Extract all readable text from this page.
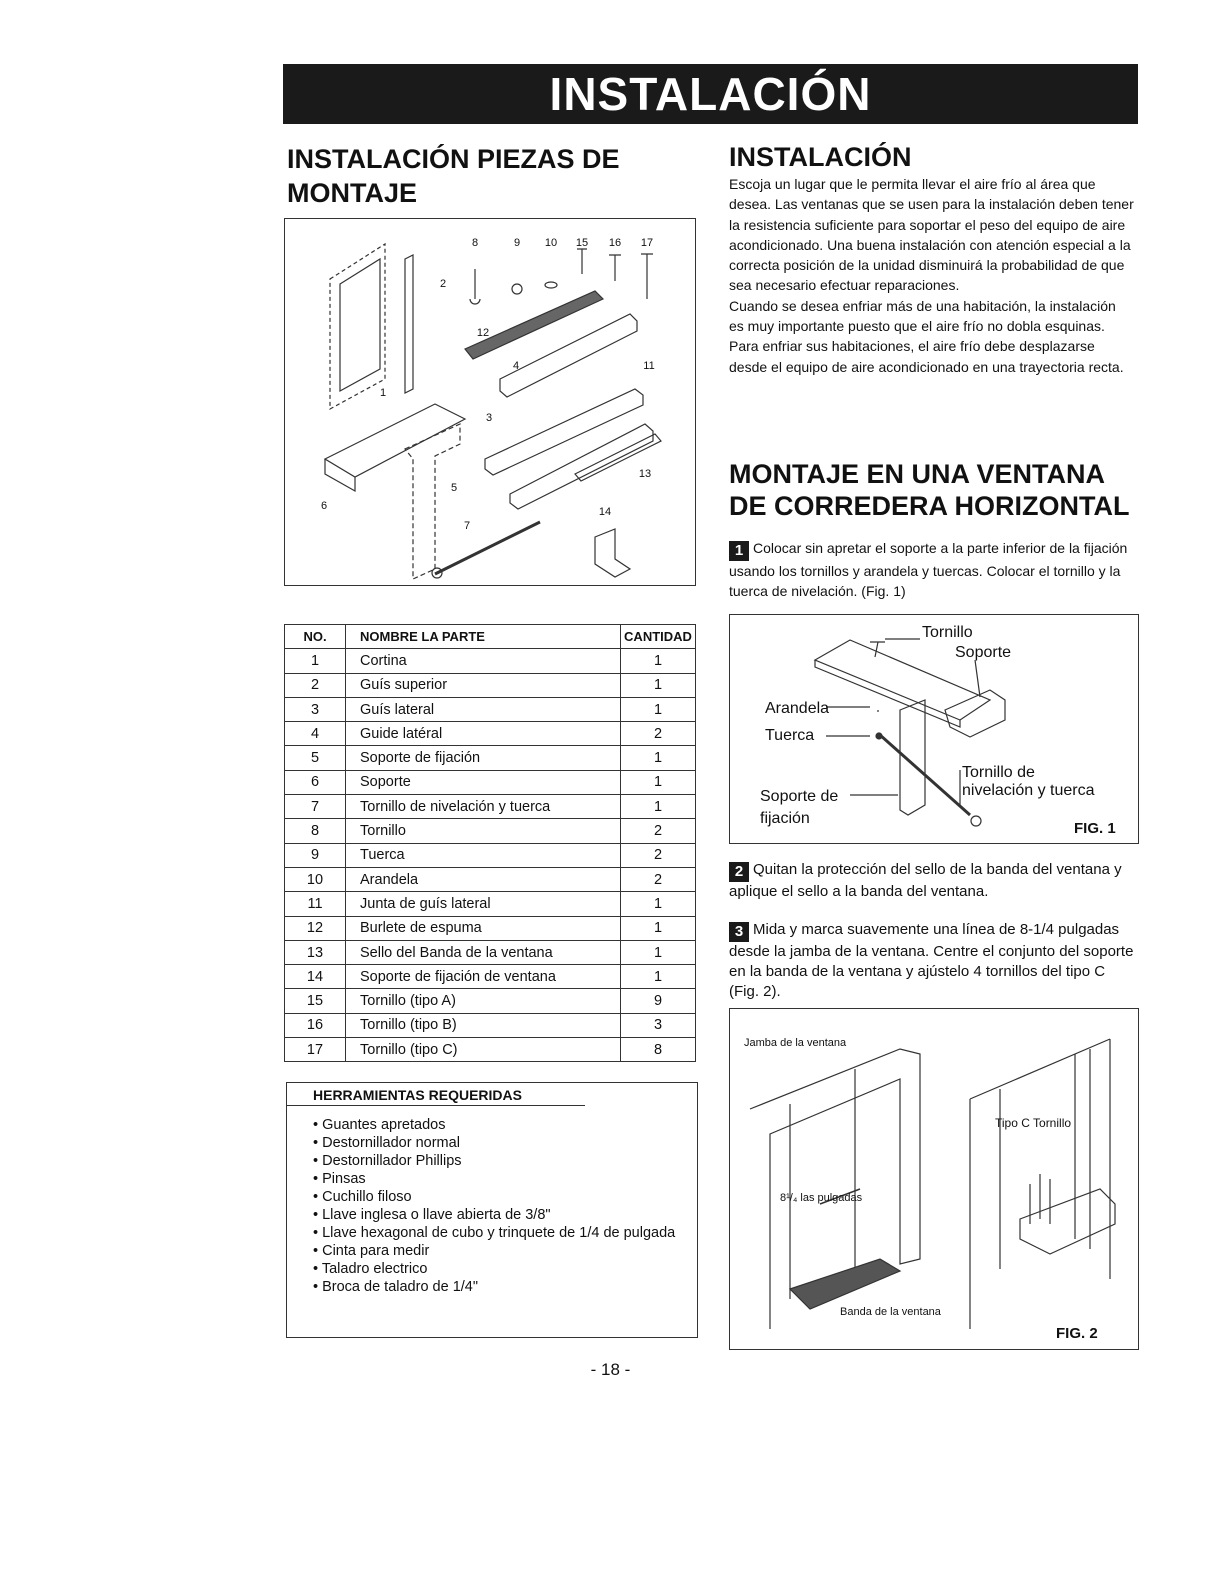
INSTALACIÓN
INSTALACIÓN PIEZAS DE MONTAJE
1
2
3
4
5
6
7
8	9 10
11
12
13
14
15 16 17
NO.	NOMBRE LA PARTE	CANTIDAD
1	Cortina	1
2	Guís superior	1
3	Guís lateral	1
4	Guide latéral	2
5	Soporte de fijación	1
6	Soporte	1
7	Tornillo de nivelación y tuerca	1
8	Tornillo	2
9	Tuerca	2
10	Arandela	2
11	Junta de guís lateral	1
12	Burlete de espuma	1
13	Sello del Banda de la ventana	1
14	Soporte de fijación de ventana	1
15	Tornillo (tipo A)	9
16	Tornillo (tipo B)	3
17	Tornillo (tipo C)	8
HERRAMIENTAS REQUERIDAS
• Guantes apretados
• Destornillador normal
• Destornillador Phillips
• Pinsas
• Cuchillo filoso
• Llave inglesa o llave abierta de 3/8"
• Llave hexagonal de cubo y trinquete de 1/4 de pulgada
• Cinta para medir
• Taladro electrico
• Broca de taladro de 1/4"
INSTALACIÓN
Escoja un lugar que le permita llevar el aire frío al área que desea. Las ventanas que se usen para la instalación deben tener la resistencia suficiente para soportar el peso del equipo de aire acondicionado. Una buena instalación con atención especial a la correcta posición de la unidad disminuirá la probabilidad de que sea necesario efectuar reparaciones.
Cuando se desea enfriar más de una habitación, la instalación es muy importante puesto que el aire frío no dobla esquinas. Para enfriar sus habitaciones, el aire frío debe desplazarse desde el equipo de aire acondicionado en una trayectoria recta.
MONTAJE EN UNA VENTANA DE CORREDERA HORIZONTAL

1 Colocar sin apretar el soporte a la parte inferior de la fijación usando los tornillos y arandela y tuercas. Colocar el tornillo y la tuerca de nivelación. (Fig. 1)

Tornillo
Soporte
Arandela
Tuerca
Soporte de
fijación
Tornillo de
nivelación y tuerca
FIG. 1

2 Quitan la protección del sello de la banda del ventana y aplique el sello a la banda del ventana.

3 Mida y marca suavemente una línea de 8-1/4 pulgadas desde la jamba de la ventana. Centre el conjunto del soporte en la banda de la ventana y ajústelo 4 tornillos del tipo C (Fig. 2).

Jamba de la ventana
8¹/₄ las pulgadas
Banda de la ventana
Tipo C Tornillo
FIG. 2
- 18 -
